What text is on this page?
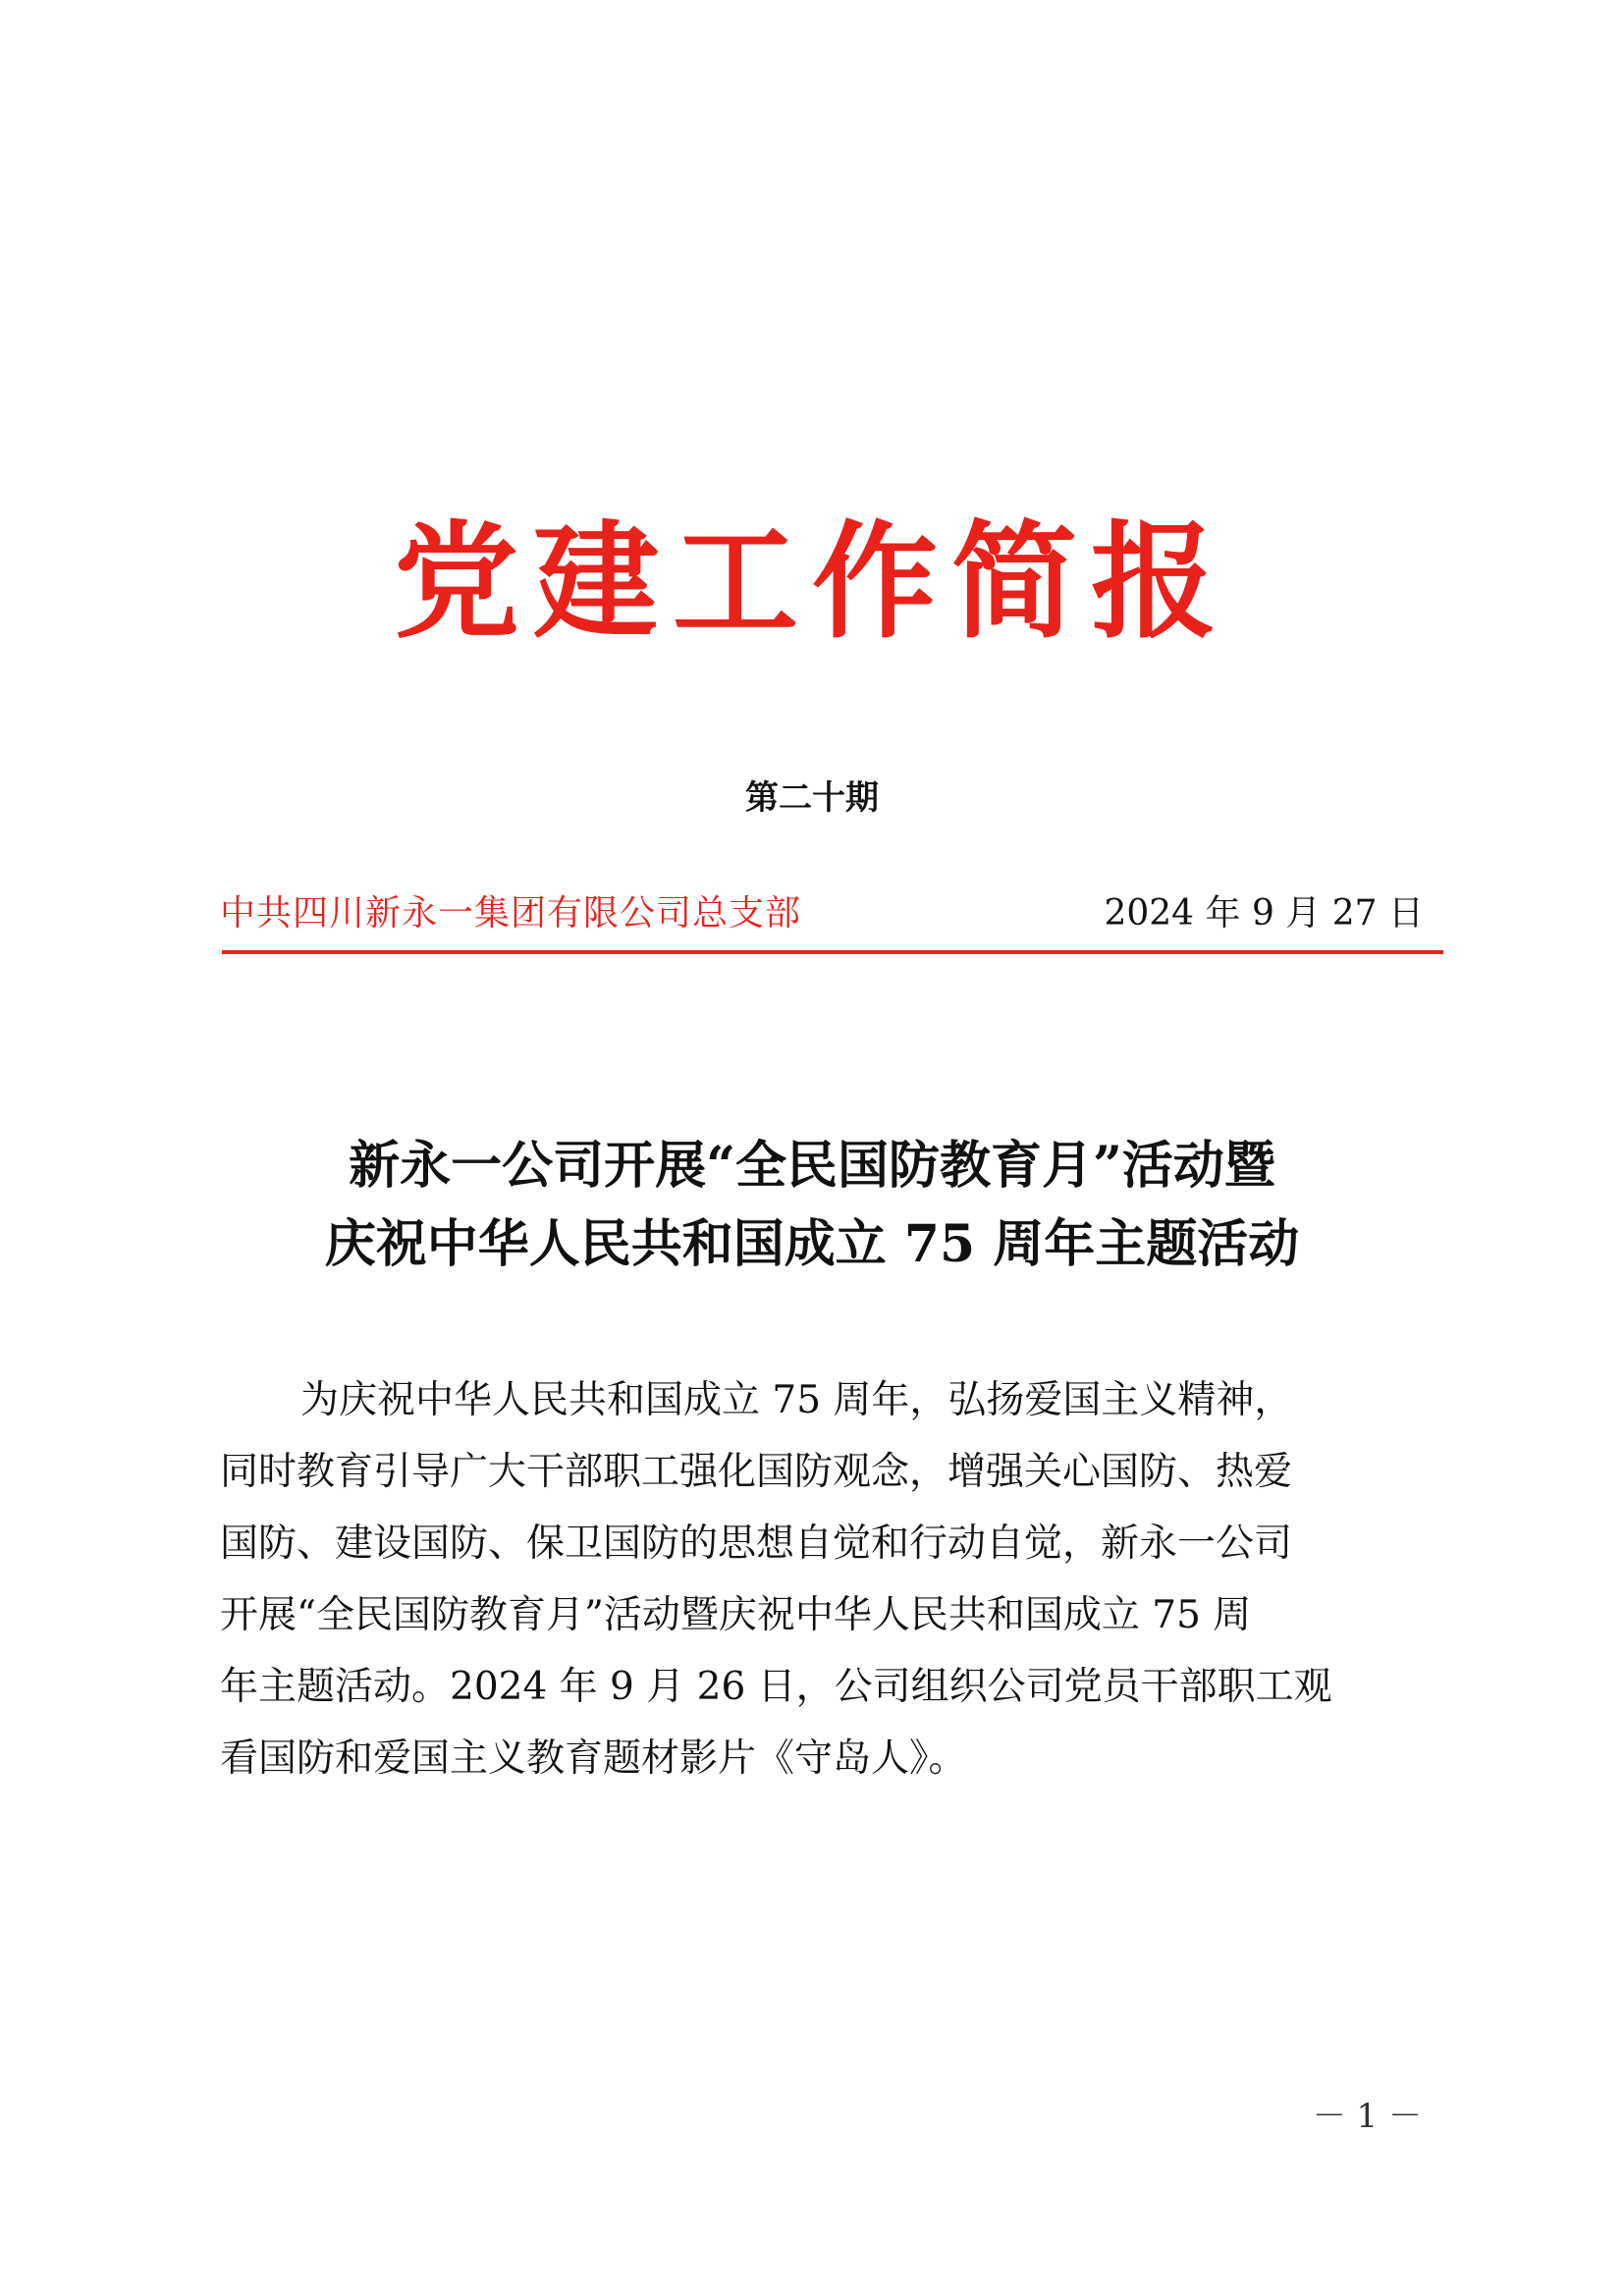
党建工作简报
第二十期
中共四川新永一集团有限公司总支部	2024 年 9 月 27 日
新永一公司开展“全民国防教育月”活动暨
庆祝中华人民共和国成立 75 周年主题活动
为庆祝中华人民共和国成立 75 周年，弘扬爱国主义精神，
同时教育引导广大干部职工强化国防观念，增强关心国防、热爱
国防、建设国防、保卫国防的思想自觉和行动自觉，新永一公司
开展“全民国防教育月”活动暨庆祝中华人民共和国成立 75 周
年主题活动。2024 年 9 月 26 日，公司组织公司党员干部职工观
看国防和爱国主义教育题材影片《守岛人》。
－ 1 －
